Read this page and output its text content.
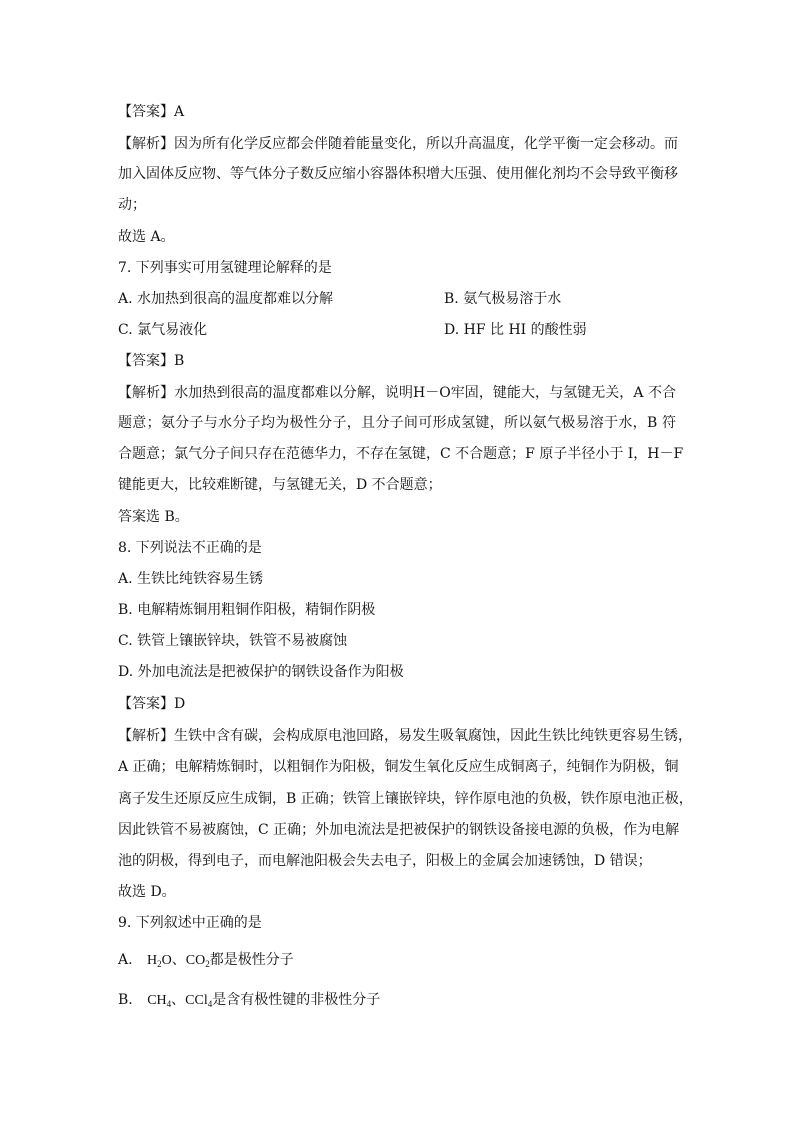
【答案】A
【解析】因为所有化学反应都会伴随着能量变化，所以升高温度，化学平衡一定会移动。而
加入固体反应物、等气体分子数反应缩小容器体积增大压强、使用催化剂均不会导致平衡移
动；
故选 A。
7. 下列事实可用氢键理论解释的是
A. 水加热到很高的温度都难以分解	B. 氨气极易溶于水
C. 氯气易液化	D. HF 比 HI 的酸性弱
【答案】B
【解析】水加热到很高的温度都难以分解，说明H－O牢固，键能大，与氢键无关，A 不合
题意；氨分子与水分子均为极性分子，且分子间可形成氢键，所以氨气极易溶于水，B 符
合题意；氯气分子间只存在范德华力，不存在氢键，C 不合题意；F 原子半径小于 I，H－F
键能更大，比较难断键，与氢键无关，D 不合题意；
答案选 B。
8. 下列说法不正确的是
A. 生铁比纯铁容易生锈
B. 电解精炼铜用粗铜作阳极，精铜作阴极
C. 铁管上镶嵌锌块，铁管不易被腐蚀
D. 外加电流法是把被保护的钢铁设备作为阳极
【答案】D
【解析】生铁中含有碳，会构成原电池回路，易发生吸氧腐蚀，因此生铁比纯铁更容易生锈，
A 正确；电解精炼铜时，以粗铜作为阳极，铜发生氧化反应生成铜离子，纯铜作为阴极，铜
离子发生还原反应生成铜，B 正确；铁管上镶嵌锌块，锌作原电池的负极，铁作原电池正极，
因此铁管不易被腐蚀，C 正确；外加电流法是把被保护的钢铁设备接电源的负极，作为电解
池的阴极，得到电子，而电解池阳极会失去电子，阳极上的金属会加速锈蚀，D 错误；
故选 D。
9. 下列叙述中正确的是
A. $H_2O$、$CO_2$都是极性分子
B. $CH_4$、CCl$_4$是含有极性键的非极性分子
